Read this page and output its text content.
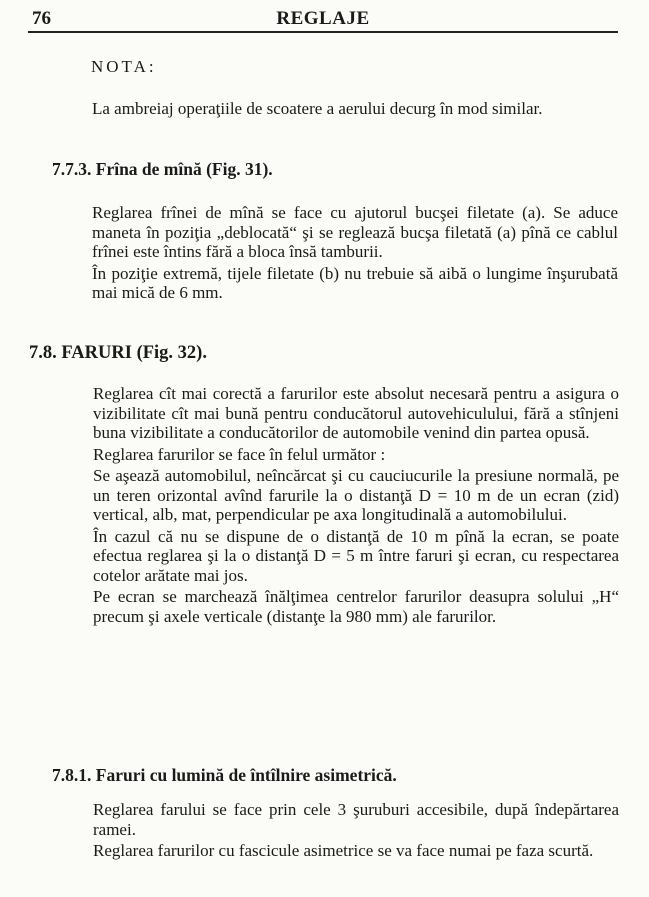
76	REGLAJE
NOTA:
La ambreiaj operaţiile de scoatere a aerului decurg în mod similar.
7.7.3. Frîna de mînă (Fig. 31).

Reglarea frînei de mînă se face cu ajutorul bucşei filetate (a). Se aduce maneta în poziţia „deblocată“ şi se reglează bucşa filetată (a) pînă ce cablul frînei este întins fără a bloca însă tamburii.

În poziţie extremă, tijele filetate (b) nu trebuie să aibă o lungime înşurubată mai mică de 6 mm.

7.8. FARURI (Fig. 32).

Reglarea cît mai corectă a farurilor este absolut necesară pentru a asigura o vizibilitate cît mai bună pentru conducătorul autovehiculului, fără a stînjeni buna vizibilitate a conducătorilor de automobile venind din partea opusă.

Reglarea farurilor se face în felul următor :

Se aşează automobilul, neîncărcat şi cu cauciucurile la presiune normală, pe un teren orizontal avînd farurile la o distanţă D = 10 m de un ecran (zid) vertical, alb, mat, perpendicular pe axa longitudinală a automobilului.

În cazul că nu se dispune de o distanţă de 10 m pînă la ecran, se poate efectua reglarea şi la o distanţă D = 5 m între faruri şi ecran, cu respectarea cotelor arătate mai jos.

Pe ecran se marchează înălţimea centrelor farurilor deasupra solului „H“ precum şi axele verticale (distanţe la 980 mm) ale farurilor.

7.8.1. Faruri cu lumină de întîlnire asimetrică.

Reglarea farului se face prin cele 3 şuruburi accesibile, după îndepărtarea ramei.

Reglarea farurilor cu fascicule asimetrice se va face numai pe faza scurtă.
